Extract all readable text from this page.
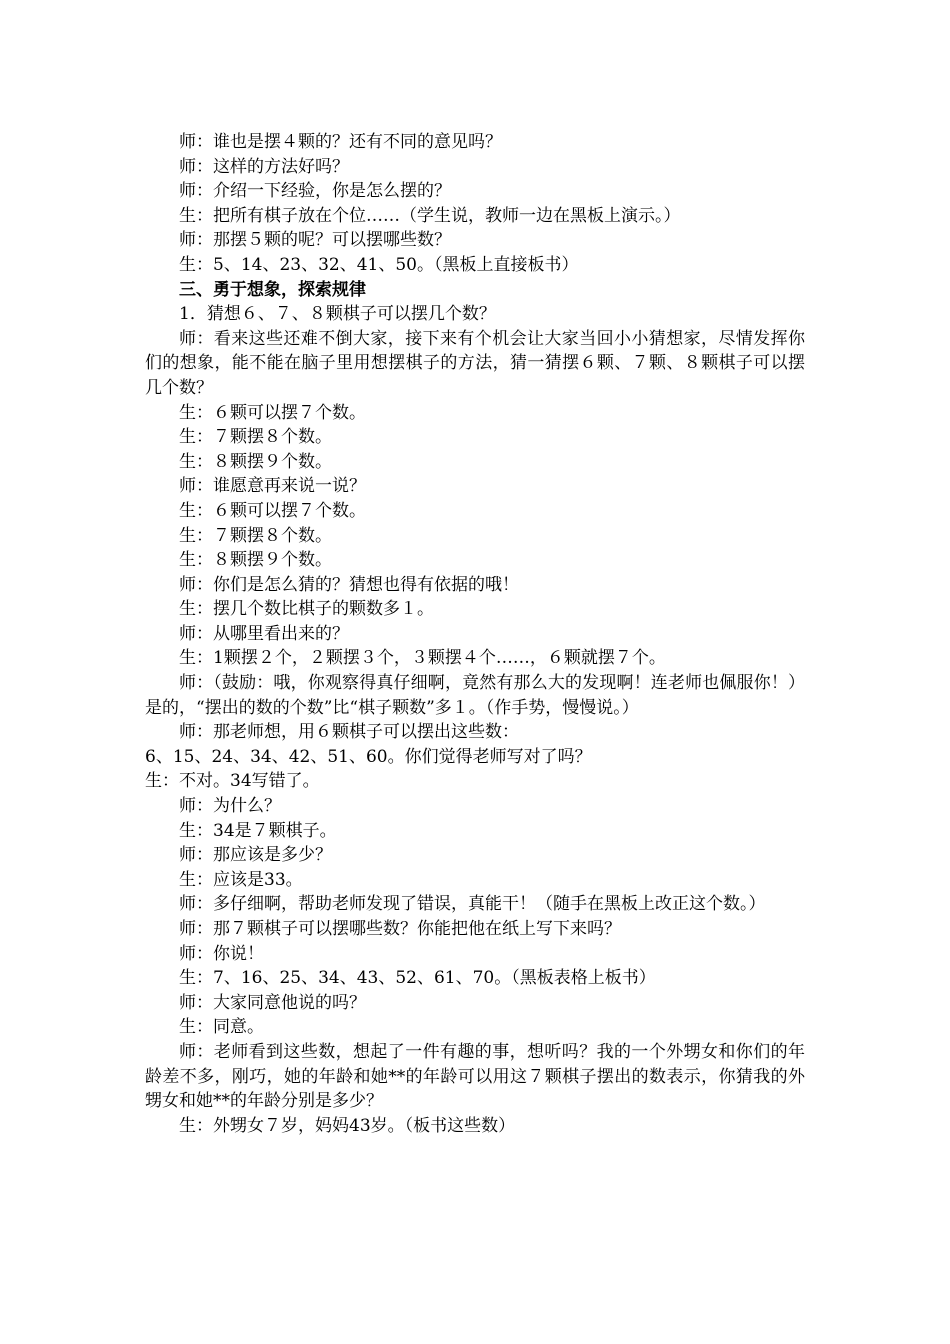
师：谁也是摆４颗的？还有不同的意见吗？

师：这样的方法好吗？

师：介绍一下经验，你是怎么摆的？

生：把所有棋子放在个位……（学生说，教师一边在黑板上演示。）

师：那摆５颗的呢？可以摆哪些数？

生：5、14、23、32、41、50。（黑板上直接板书）

三、勇于想象，探索规律

1．猜想６、７、８颗棋子可以摆几个数？

师：看来这些还难不倒大家，接下来有个机会让大家当回小小猜想家，尽情发挥你们的想象，能不能在脑子里用想摆棋子的方法，猜一猜摆６颗、７颗、８颗棋子可以摆几个数？

生：６颗可以摆７个数。

生：７颗摆８个数。

生：８颗摆９个数。

师：谁愿意再来说一说？

生：６颗可以摆７个数。

生：７颗摆８个数。

生：８颗摆９个数。

师：你们是怎么猜的？猜想也得有依据的哦！

生：摆几个数比棋子的颗数多１。

师：从哪里看出来的？

生：1颗摆２个，２颗摆３个，３颗摆４个……，６颗就摆７个。

师：（鼓励：哦，你观察得真仔细啊，竟然有那么大的发现啊！连老师也佩服你！）是的，“摆出的数的个数”比“棋子颗数”多１。（作手势，慢慢说。）

师：那老师想，用６颗棋子可以摆出这些数：

6、15、24、34、42、51、60。你们觉得老师写对了吗？

生：不对。34写错了。

师：为什么？

生：34是７颗棋子。

师：那应该是多少？

生：应该是33。

师：多仔细啊，帮助老师发现了错误，真能干！（随手在黑板上改正这个数。）

师：那７颗棋子可以摆哪些数？你能把他在纸上写下来吗？

师：你说！

生：7、16、25、34、43、52、61、70。（黑板表格上板书）

师：大家同意他说的吗？

生：同意。

师：老师看到这些数，想起了一件有趣的事，想听吗？我的一个外甥女和你们的年龄差不多，刚巧，她的年龄和她**的年龄可以用这７颗棋子摆出的数表示，你猜我的外甥女和她**的年龄分别是多少？

生：外甥女７岁，妈妈43岁。（板书这些数）
